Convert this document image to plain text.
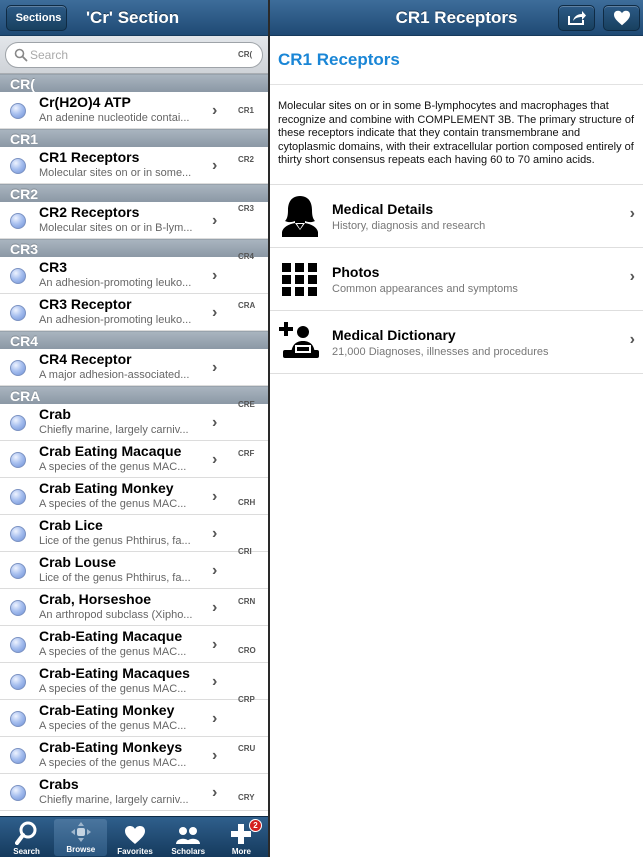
Sections	'Cr' Section
Search
CR(
CR(
Cr(H2O)4 ATP
An adenine nucleotide contai...	›
CR1
CR1 Receptors
Molecular sites on or in some...	›
CR2
CR2 Receptors
Molecular sites on or in B-lym...	›
CR3
CR3
An adhesion-promoting leuko...	›
CR3 Receptor
An adhesion-promoting leuko...	›
CR4
CR4 Receptor
A major adhesion-associated...	›
CRA
Crab
Chiefly marine, largely carniv...	›
Crab Eating Macaque
A species of the genus MAC...	›
Crab Eating Monkey
A species of the genus MAC...	›
Crab Lice
Lice of the genus Phthirus, fa...	›
Crab Louse
Lice of the genus Phthirus, fa...	›
Crab, Horseshoe
An arthropod subclass (Xipho...	›
Crab-Eating Macaque
A species of the genus MAC...	›
Crab-Eating Macaques
A species of the genus MAC...	›
Crab-Eating Monkey
A species of the genus MAC...	›
Crab-Eating Monkeys
A species of the genus MAC...	›
Crabs
Chiefly marine, largely carniv...	›
Search	Browse	Favorites Scholars
2
More
CR1
CR2
CR3
CR4
CRA
CRE
CRF
CRH
CRI
CRN
CRO
CRP
CRU
CRY
CR1 Receptors
CR1 Receptors
Molecular sites on or in some B-lymphocytes and macrophages that recognize and combine with COMPLEMENT 3B. The primary structure of these receptors indicate that they contain transmembrane and cytoplasmic domains, with their extracellular portion composed entirely of thirty short consensus repeats each having 60 to 70 amino acids.
Medical Details
History, diagnosis and research
›
Photos
Common appearances and symptoms
›
Medical Dictionary
21,000 Diagnoses, illnesses and procedures
›
